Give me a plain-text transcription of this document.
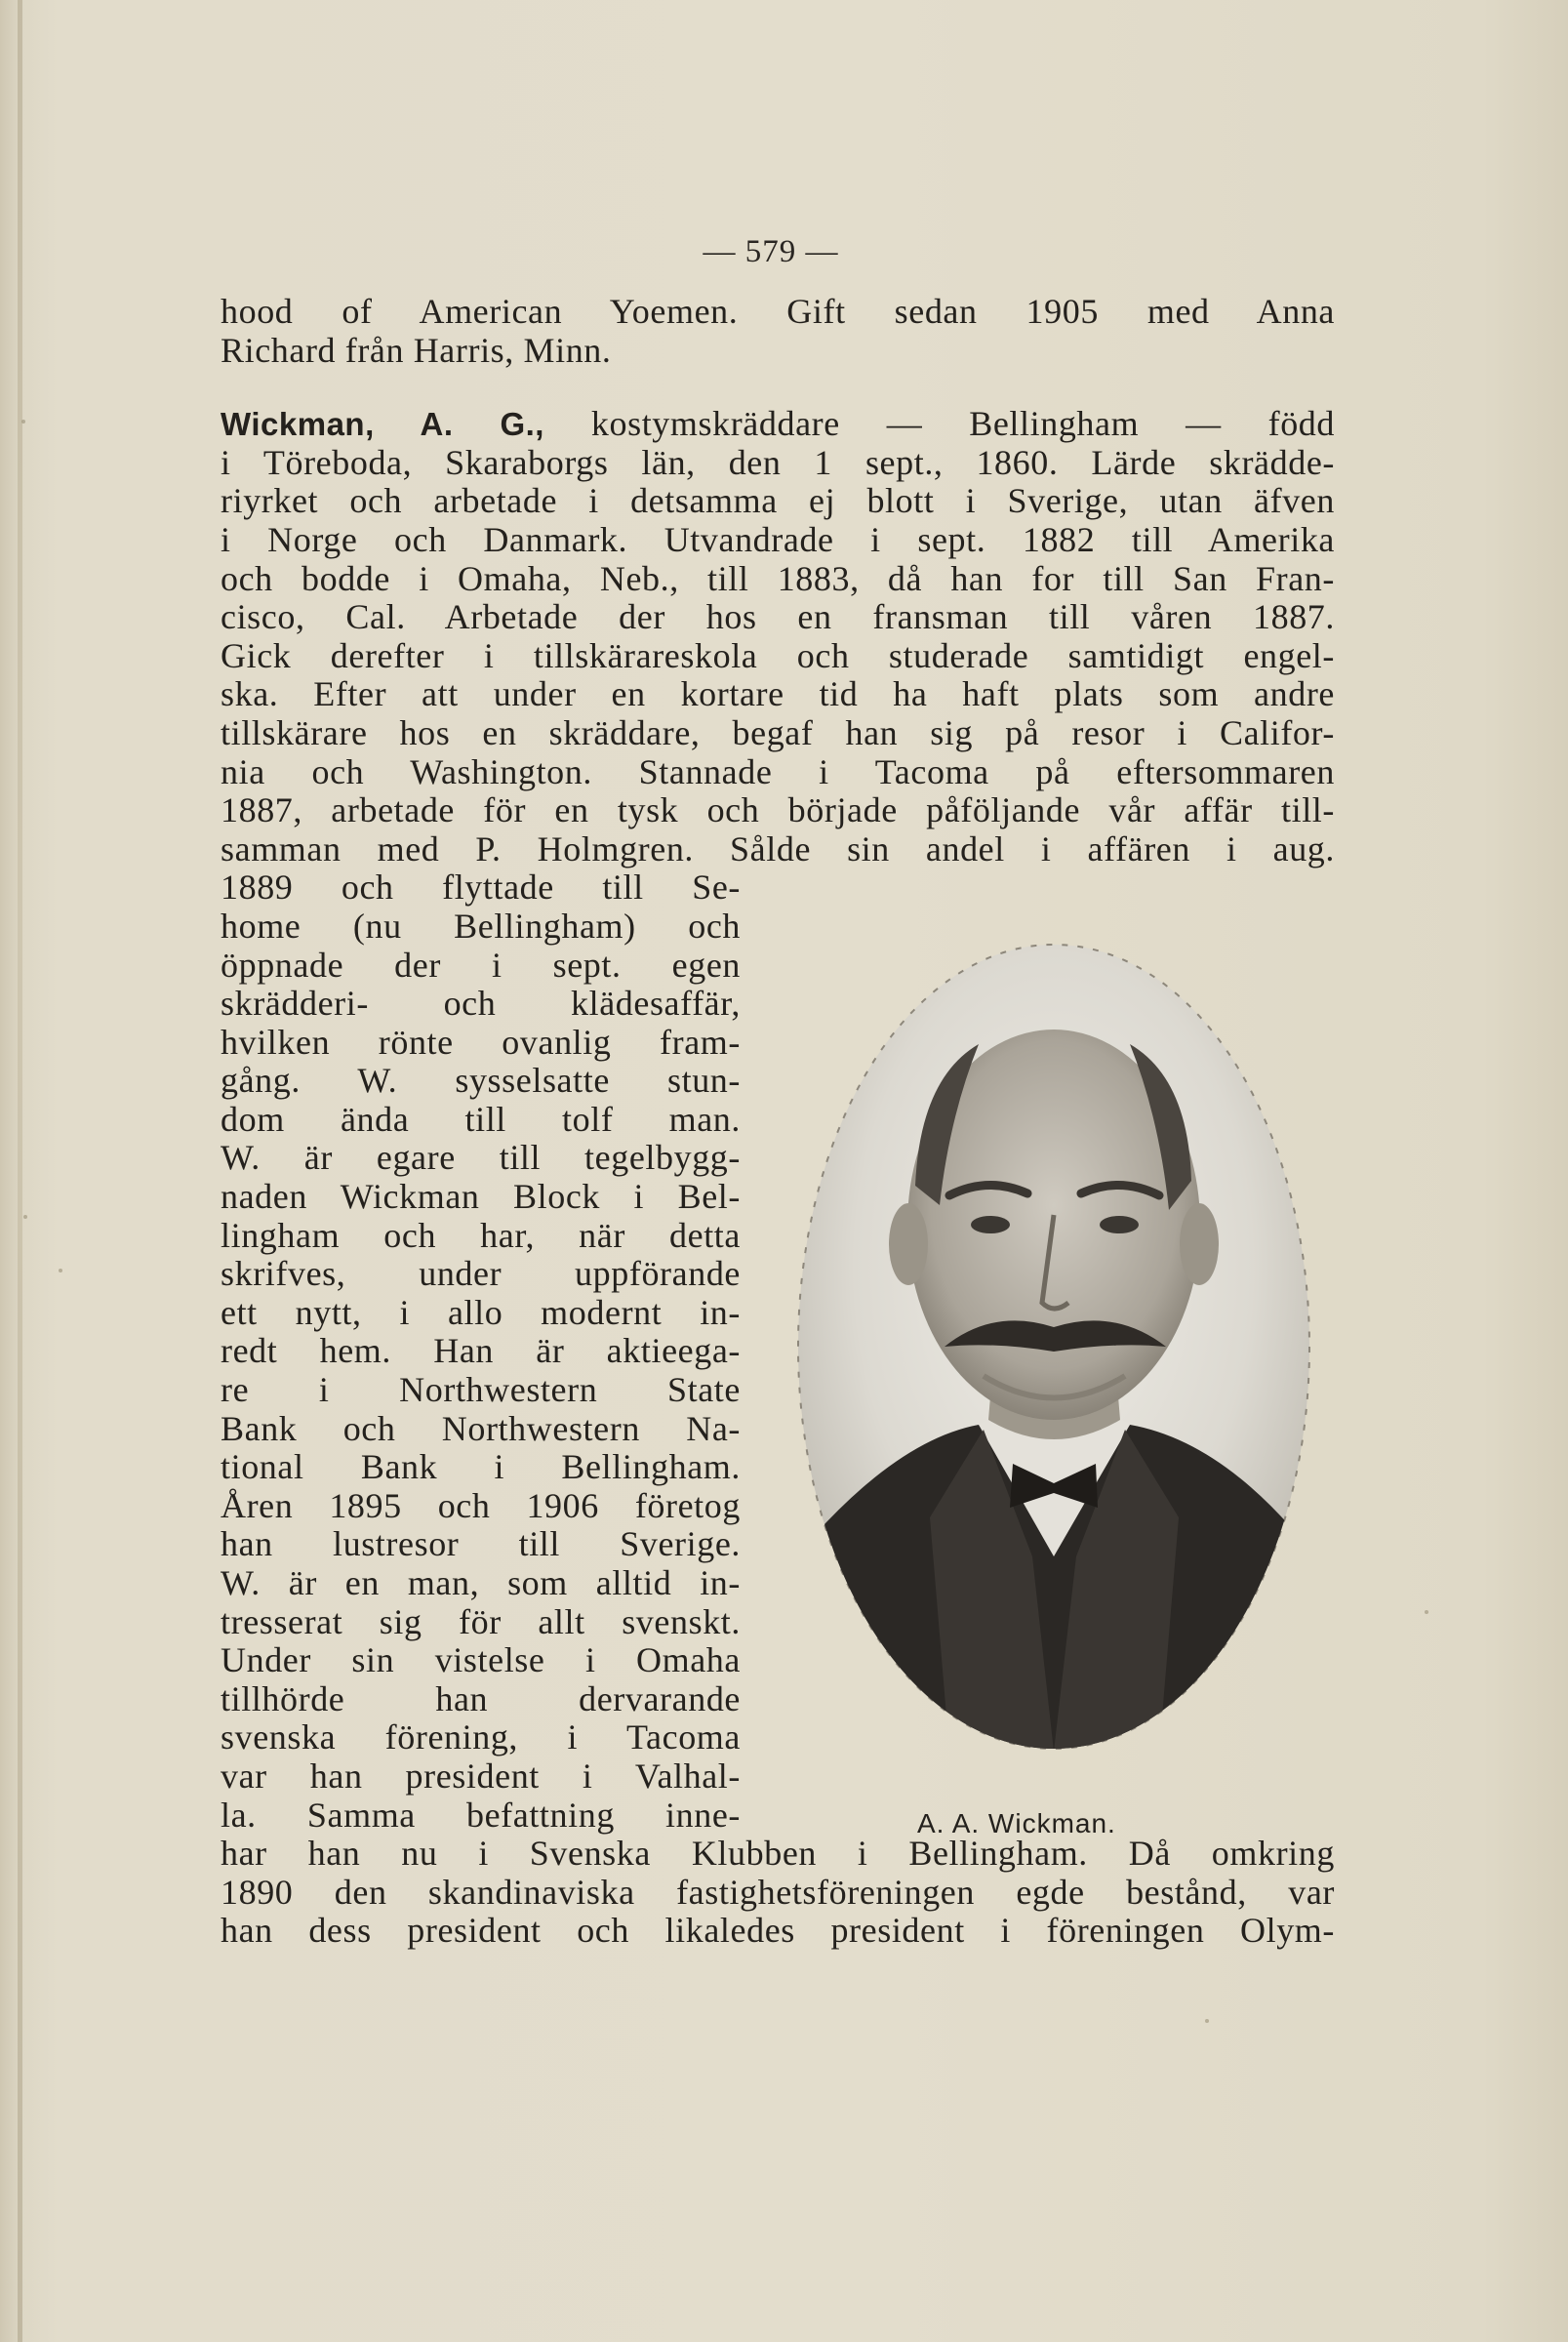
— 579 —
hood of American Yoemen. Gift sedan 1905 med Anna
Richard från Harris, Minn.
Wickman, A. G., kostymskräddare — Bellingham — född
i Töreboda, Skaraborgs län, den 1 sept., 1860. Lärde skrädde-
riyrket och arbetade i detsamma ej blott i Sverige, utan äfven
i Norge och Danmark. Utvandrade i sept. 1882 till Amerika
och bodde i Omaha, Neb., till 1883, då han for till San Fran-
cisco, Cal. Arbetade der hos en fransman till våren 1887.
Gick derefter i tillskärareskola och studerade samtidigt engel-
ska. Efter att under en kortare tid ha haft plats som andre
tillskärare hos en skräddare, begaf han sig på resor i Califor-
nia och Washington. Stannade i Tacoma på eftersommaren
1887, arbetade för en tysk och började påföljande vår affär till-
samman med P. Holmgren. Sålde sin andel i affären i aug.
1889 och flyttade till Se-
home (nu Bellingham) och
öppnade der i sept. egen
skrädderi- och klädesaffär,
hvilken rönte ovanlig fram-
gång. W. sysselsatte stun-
dom ända till tolf man.
W. är egare till tegelbygg-
naden Wickman Block i Bel-
lingham och har, när detta
skrifves, under uppförande
ett nytt, i allo modernt in-
redt hem. Han är aktieega-
re i Northwestern State
Bank och Northwestern Na-
tional Bank i Bellingham.
Åren 1895 och 1906 företog
han lustresor till Sverige.
W. är en man, som alltid in-
tresserat sig för allt svenskt.
Under sin vistelse i Omaha
tillhörde han dervarande
svenska förening, i Tacoma
var han president i Valhal-
la. Samma befattning inne-
har han nu i Svenska Klubben i Bellingham. Då omkring
1890 den skandinaviska fastighetsföreningen egde bestånd, var
han dess president och likaledes president i föreningen Olym-
A. A. Wickman.
